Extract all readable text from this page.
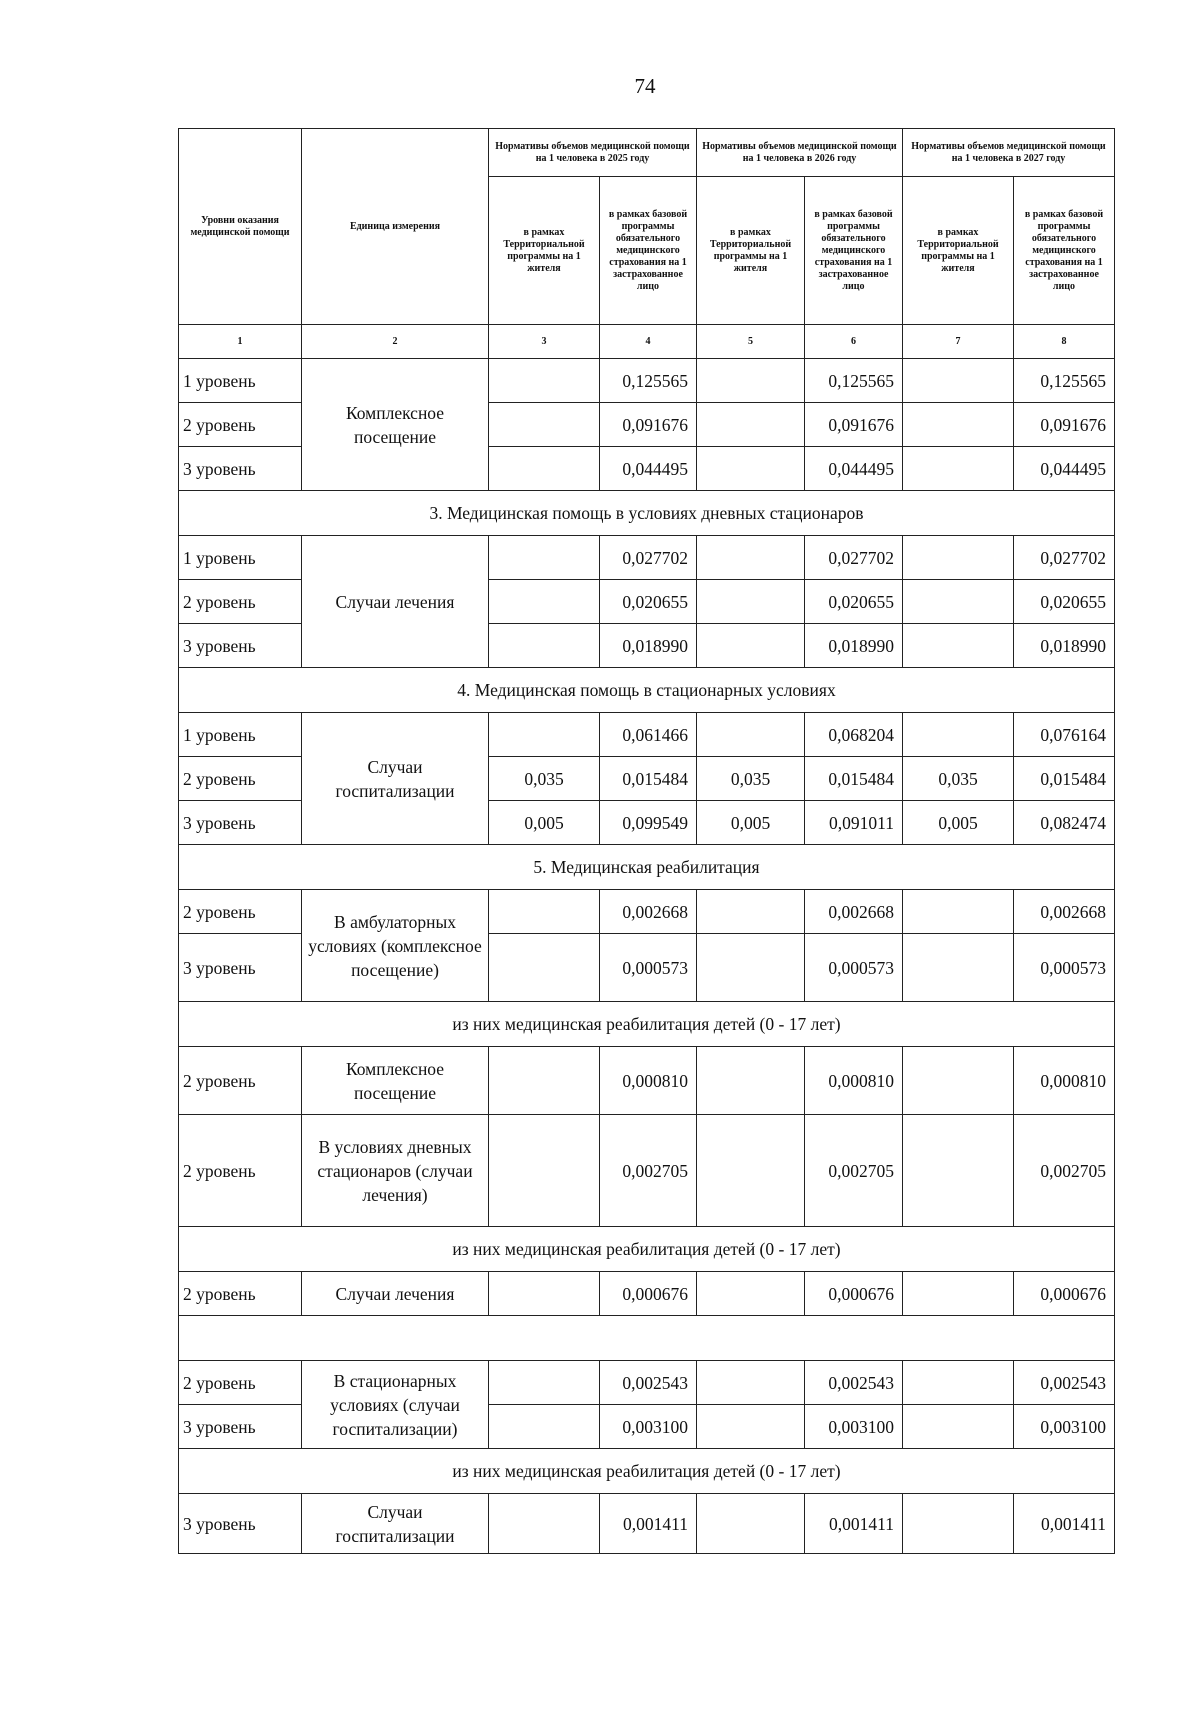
74
Уровни оказания медицинской помощи	Единица измерения	Нормативы объемов медицинской помощи на 1 человека в 2025 году		Нормативы объемов медицинской помощи на 1 человека в 2026 году		Нормативы объемов медицинской помощи на 1 человека в 2027 году	
		в рамках Территориальной программы на 1 жителя	в рамках базовой программы обязательного медицинского страхования на 1 застрахованное лицо	в рамках Территориальной программы на 1 жителя	в рамках базовой программы обязательного медицинского страхования на 1 застрахованное лицо	в рамках Территориальной программы на 1 жителя	в рамках базовой программы обязательного медицинского страхования на 1 застрахованное лицо
1	2	3	4	5	6	7	8
1 уровень	Комплексное посещение		0,125565		0,125565		0,125565
2 уровень			0,091676		0,091676		0,091676
3 уровень			0,044495		0,044495		0,044495
3. Медицинская помощь в условиях дневных стационаров							
1 уровень	Случаи лечения		0,027702		0,027702		0,027702
2 уровень			0,020655		0,020655		0,020655
3 уровень			0,018990		0,018990		0,018990
4. Медицинская помощь в стационарных условиях							
1 уровень	Случаи госпитализации		0,061466		0,068204		0,076164
2 уровень		0,035	0,015484	0,035	0,015484	0,035	0,015484
3 уровень		0,005	0,099549	0,005	0,091011	0,005	0,082474
5. Медицинская реабилитация							
2 уровень	В амбулаторных условиях (комплексное посещение)		0,002668		0,002668		0,002668
3 уровень			0,000573		0,000573		0,000573
из них медицинская реабилитация детей (0 - 17 лет)							
2 уровень	Комплексное посещение		0,000810		0,000810		0,000810
2 уровень	В условиях дневных стационаров (случаи лечения)		0,002705		0,002705		0,002705
из них медицинская реабилитация детей (0 - 17 лет)							
2 уровень	Случаи лечения		0,000676		0,000676		0,000676

2 уровень	В стационарных условиях (случаи госпитализации)		0,002543		0,002543		0,002543
3 уровень			0,003100		0,003100		0,003100
из них медицинская реабилитация детей (0 - 17 лет)							
3 уровень	Случаи госпитализации		0,001411		0,001411		0,001411
